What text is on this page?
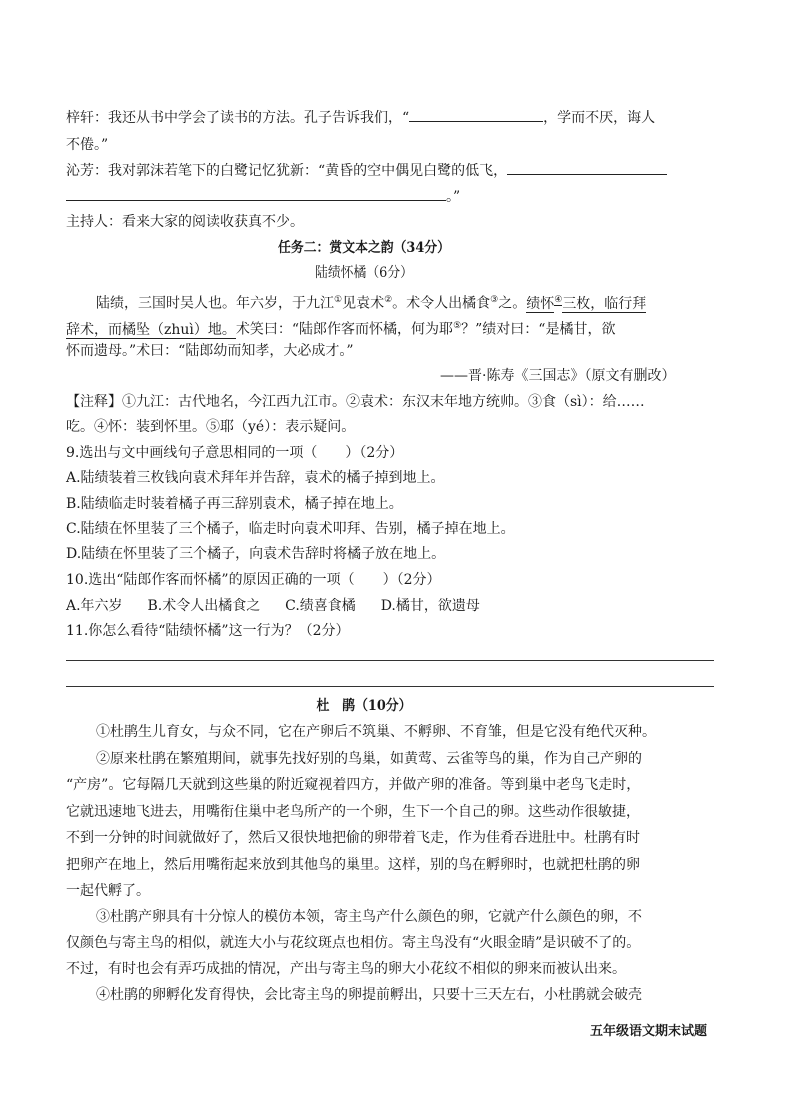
梓轩：我还从书中学会了读书的方法。孔子告诉我们，“	，学而不厌，诲人
不倦。”
沁芳：我对郭沫若笔下的白鹭记忆犹新：“黄昏的空中偶见白鹭的低飞，
。”
主持人：看来大家的阅读收获真不少。
任务二：赏文本之韵（34分）
陆绩怀橘（6分）
陆绩，三国时吴人也。年六岁，于九江①见袁术②。术令人出橘食③之。绩怀④三枚，临行拜
辞术，而橘坠（zhuì）地。术笑曰：“陆郎作客而怀橘，何为耶⑤？”绩对曰：“是橘甘，欲
怀而遗母。”术曰：“陆郎幼而知孝，大必成才。”
——晋·陈寿《三国志》（原文有删改）
【注释】①九江：古代地名，今江西九江市。②袁术：东汉末年地方统帅。③食（sì）：给……
吃。④怀：装到怀里。⑤耶（yé）：表示疑问。
9.选出与文中画线句子意思相同的一项（　　）（2分）
A.陆绩装着三枚钱向袁术拜年并告辞，袁术的橘子掉到地上。
B.陆绩临走时装着橘子再三辞别袁术，橘子掉在地上。
C.陆绩在怀里装了三个橘子，临走时向袁术叩拜、告别，橘子掉在地上。
D.陆绩在怀里装了三个橘子，向袁术告辞时将橘子放在地上。
10.选出“陆郎作客而怀橘”的原因正确的一项（　　）（2分）
A.年六岁 B.术令人出橘食之 C.绩喜食橘 D.橘甘，欲遗母
11.你怎么看待“陆绩怀橘”这一行为？（2分）
杜　鹃（10分）
①杜鹃生儿育女，与众不同，它在产卵后不筑巢、不孵卵、不育雏，但是它没有绝代灭种。
②原来杜鹃在繁殖期间，就事先找好别的鸟巢，如黄莺、云雀等鸟的巢，作为自己产卵的
“产房”。它每隔几天就到这些巢的附近窥视着四方，并做产卵的准备。等到巢中老鸟飞走时，
它就迅速地飞进去，用嘴衔住巢中老鸟所产的一个卵，生下一个自己的卵。这些动作很敏捷，
不到一分钟的时间就做好了，然后又很快地把偷的卵带着飞走，作为佳肴吞进肚中。杜鹃有时
把卵产在地上，然后用嘴衔起来放到其他鸟的巢里。这样，别的鸟在孵卵时，也就把杜鹃的卵
一起代孵了。
③杜鹃产卵具有十分惊人的模仿本领，寄主鸟产什么颜色的卵，它就产什么颜色的卵，不
仅颜色与寄主鸟的相似，就连大小与花纹斑点也相仿。寄主鸟没有“火眼金睛”是识破不了的。
不过，有时也会有弄巧成拙的情况，产出与寄主鸟的卵大小花纹不相似的卵来而被认出来。
④杜鹃的卵孵化发育得快，会比寄主鸟的卵提前孵出，只要十三天左右，小杜鹃就会破壳
五年级语文期末试题
